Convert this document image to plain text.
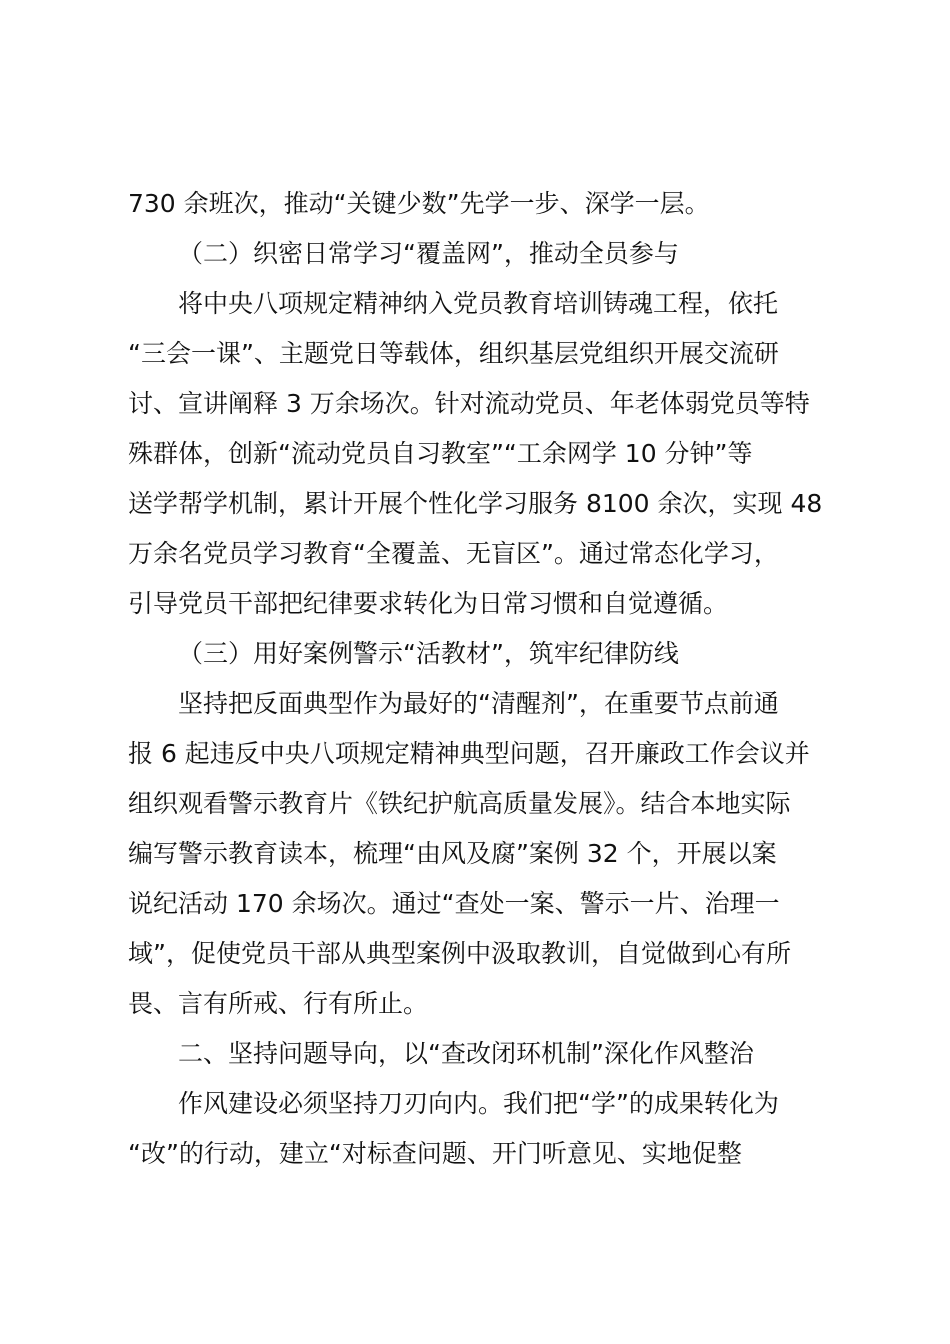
730 余班次，推动“关键少数”先学一步、深学一层。
（二）织密日常学习“覆盖网”，推动全员参与
将中央八项规定精神纳入党员教育培训铸魂工程，依托
“三会一课”、主题党日等载体，组织基层党组织开展交流研
讨、宣讲阐释 3 万余场次。针对流动党员、年老体弱党员等特
殊群体，创新“流动党员自习教室”“工余网学 10 分钟”等
送学帮学机制，累计开展个性化学习服务 8100 余次，实现 48
万余名党员学习教育“全覆盖、无盲区”。通过常态化学习，
引导党员干部把纪律要求转化为日常习惯和自觉遵循。
（三）用好案例警示“活教材”，筑牢纪律防线
坚持把反面典型作为最好的“清醒剂”，在重要节点前通
报 6 起违反中央八项规定精神典型问题，召开廉政工作会议并
组织观看警示教育片《铁纪护航高质量发展》。结合本地实际
编写警示教育读本，梳理“由风及腐”案例 32 个，开展以案
说纪活动 170 余场次。通过“查处一案、警示一片、治理一
域”，促使党员干部从典型案例中汲取教训，自觉做到心有所
畏、言有所戒、行有所止。
二、坚持问题导向，以“查改闭环机制”深化作风整治
作风建设必须坚持刀刃向内。我们把“学”的成果转化为
“改”的行动，建立“对标查问题、开门听意见、实地促整
